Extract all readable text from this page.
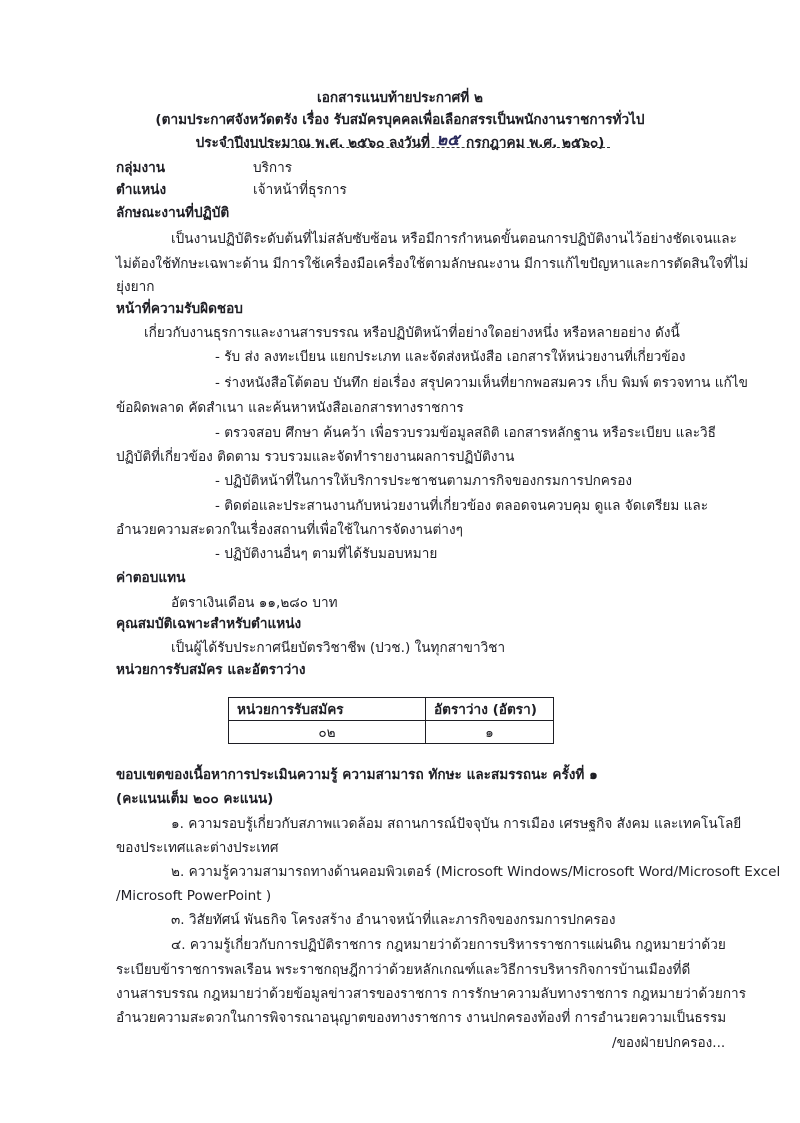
เอกสารแนบท้ายประกาศที่ ๒
(ตามประกาศจังหวัดตรัง เรื่อง รับสมัครบุคคลเพื่อเลือกสรรเป็นพนักงานราชการทั่วไป
ประจำปีงบประมาณ พ.ศ. ๒๕๖๐ ลงวันที่ ๒๕ กรกฎาคม พ.ศ. ๒๕๖๐)
กลุ่มงาน	บริการ
ตำแหน่ง	เจ้าหน้าที่ธุรการ
ลักษณะงานที่ปฏิบัติ
เป็นงานปฏิบัติระดับต้นที่ไม่สลับซับซ้อน หรือมีการกำหนดขั้นตอนการปฏิบัติงานไว้อย่างชัดเจนและ
ไม่ต้องใช้ทักษะเฉพาะด้าน มีการใช้เครื่องมือเครื่องใช้ตามลักษณะงาน มีการแก้ไขปัญหาและการตัดสินใจที่ไม่
ยุ่งยาก
หน้าที่ความรับผิดชอบ
เกี่ยวกับงานธุรการและงานสารบรรณ หรือปฏิบัติหน้าที่อย่างใดอย่างหนึ่ง หรือหลายอย่าง ดังนี้
- รับ ส่ง ลงทะเบียน แยกประเภท และจัดส่งหนังสือ เอกสารให้หน่วยงานที่เกี่ยวข้อง
- ร่างหนังสือโต้ตอบ บันทึก ย่อเรื่อง สรุปความเห็นที่ยากพอสมควร เก็บ พิมพ์ ตรวจทาน แก้ไข
ข้อผิดพลาด คัดสำเนา และค้นหาหนังสือเอกสารทางราชการ
- ตรวจสอบ ศึกษา ค้นคว้า เพื่อรวบรวมข้อมูลสถิติ เอกสารหลักฐาน หรือระเบียบ และวิธี
ปฏิบัติที่เกี่ยวข้อง ติดตาม รวบรวมและจัดทำรายงานผลการปฏิบัติงาน
- ปฏิบัติหน้าที่ในการให้บริการประชาชนตามภารกิจของกรมการปกครอง
- ติดต่อและประสานงานกับหน่วยงานที่เกี่ยวข้อง ตลอดจนควบคุม ดูแล จัดเตรียม และ
อำนวยความสะดวกในเรื่องสถานที่เพื่อใช้ในการจัดงานต่างๆ
- ปฏิบัติงานอื่นๆ ตามที่ได้รับมอบหมาย
ค่าตอบแทน
อัตราเงินเดือน ๑๑,๒๘๐ บาท
คุณสมบัติเฉพาะสำหรับตำแหน่ง
เป็นผู้ได้รับประกาศนียบัตรวิชาชีพ (ปวช.) ในทุกสาขาวิชา
หน่วยการรับสมัคร และอัตราว่าง
หน่วยการรับสมัคร	อัตราว่าง (อัตรา)
๐๒	๑
ขอบเขตของเนื้อหาการประเมินความรู้ ความสามารถ ทักษะ และสมรรถนะ ครั้งที่ ๑
(คะแนนเต็ม ๒๐๐ คะแนน)
๑. ความรอบรู้เกี่ยวกับสภาพแวดล้อม สถานการณ์ปัจจุบัน การเมือง เศรษฐกิจ สังคม และเทคโนโลยี
ของประเทศและต่างประเทศ
๒. ความรู้ความสามารถทางด้านคอมพิวเตอร์ (Microsoft Windows/Microsoft Word/Microsoft Excel
/Microsoft PowerPoint )
๓. วิสัยทัศน์ พันธกิจ โครงสร้าง อำนาจหน้าที่และภารกิจของกรมการปกครอง
๔. ความรู้เกี่ยวกับการปฏิบัติราชการ กฎหมายว่าด้วยการบริหารราชการแผ่นดิน กฎหมายว่าด้วย
ระเบียบข้าราชการพลเรือน พระราชกฤษฎีกาว่าด้วยหลักเกณฑ์และวิธีการบริหารกิจการบ้านเมืองที่ดี
งานสารบรรณ กฎหมายว่าด้วยข้อมูลข่าวสารของราชการ การรักษาความลับทางราชการ กฎหมายว่าด้วยการ
อำนวยความสะดวกในการพิจารณาอนุญาตของทางราชการ งานปกครองท้องที่ การอำนวยความเป็นธรรม
/ของฝ่ายปกครอง...
